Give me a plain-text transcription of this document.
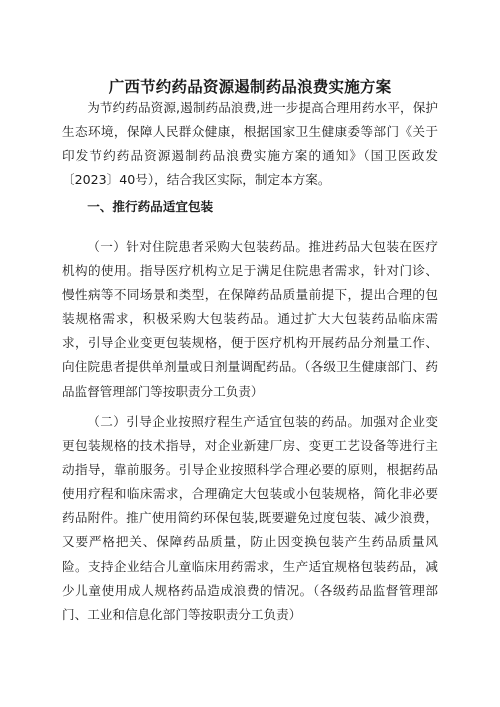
广西节约药品资源遏制药品浪费实施方案

为节约药品资源,遏制药品浪费,进一步提高合理用药水平，保护生态环境，保障人民群众健康，根据国家卫生健康委等部门《关于印发节约药品资源遏制药品浪费实施方案的通知》（国卫医政发〔2023〕40号），结合我区实际，制定本方案。

一、推行药品适宜包装

（一）针对住院患者采购大包装药品。推进药品大包装在医疗机构的使用。指导医疗机构立足于满足住院患者需求，针对门诊、慢性病等不同场景和类型，在保障药品质量前提下，提出合理的包装规格需求，积极采购大包装药品。通过扩大大包装药品临床需求，引导企业变更包装规格，便于医疗机构开展药品分剂量工作、向住院患者提供单剂量或日剂量调配药品。（各级卫生健康部门、药品监督管理部门等按职责分工负责）

（二）引导企业按照疗程生产适宜包装的药品。加强对企业变更包装规格的技术指导，对企业新建厂房、变更工艺设备等进行主动指导，靠前服务。引导企业按照科学合理必要的原则，根据药品使用疗程和临床需求，合理确定大包装或小包装规格，简化非必要药品附件。推广使用简约环保包装,既要避免过度包装、减少浪费，又要严格把关、保障药品质量，防止因变换包装产生药品质量风险。支持企业结合儿童临床用药需求，生产适宜规格包装药品，减少儿童使用成人规格药品造成浪费的情况。（各级药品监督管理部门、工业和信息化部门等按职责分工负责）
